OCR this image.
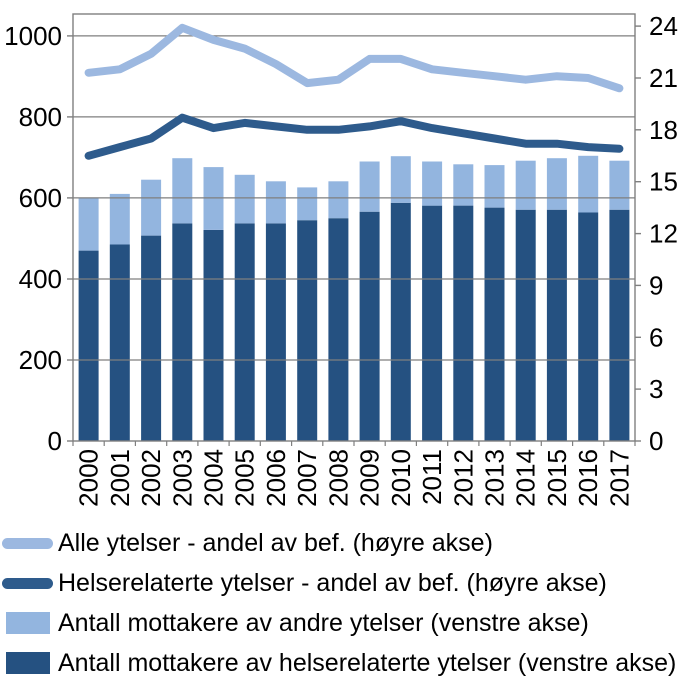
0
200
400
600
800
1000
0
3
6
9
12
15
18
21
24
2000 2001 2002 2003 2004 2005 2006 2007 2008 2009 2010 2011 2012 2013 2014 2015 2016 2017
Alle ytelser - andel av bef. (høyre akse)
Helserelaterte ytelser - andel av bef. (høyre akse)
Antall mottakere av andre ytelser (venstre akse)
Antall mottakere av helserelaterte ytelser (venstre akse)
